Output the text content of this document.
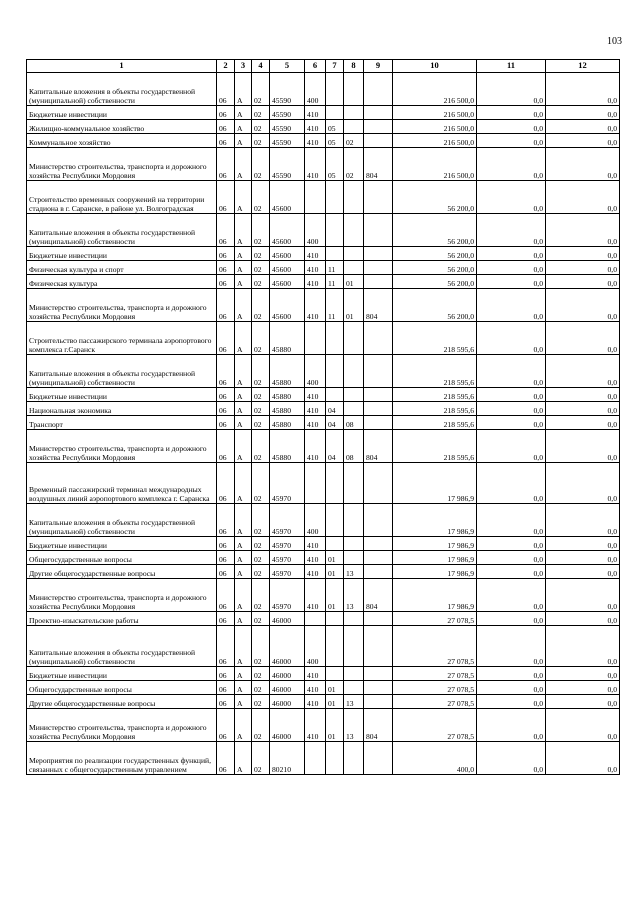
103
1	2	3	4	5	6	7	8	9	10	11	12
Капитальные вложения в объекты государственной (муниципальной) собственности	06	А	02	45590	400				216 500,0	0,0	0,0
Бюджетные инвестиции	06	А	02	45590	410				216 500,0	0,0	0,0
Жилищно-коммунальное хозяйство	06	А	02	45590	410	05			216 500,0	0,0	0,0
Коммунальное хозяйство	06	А	02	45590	410	05	02		216 500,0	0,0	0,0
Министерство строительства, транспорта и дорожного хозяйства Республики Мордовия	06	А	02	45590	410	05	02	804	216 500,0	0,0	0,0
Строительство временных сооружений на территории стадиона в г. Саранске, в районе ул. Волгоградская	06	А	02	45600					56 200,0	0,0	0,0
Капитальные вложения в объекты государственной (муниципальной) собственности	06	А	02	45600	400				56 200,0	0,0	0,0
Бюджетные инвестиции	06	А	02	45600	410				56 200,0	0,0	0,0
Физическая культура и спорт	06	А	02	45600	410	11			56 200,0	0,0	0,0
Физическая культура	06	А	02	45600	410	11	01		56 200,0	0,0	0,0
Министерство строительства, транспорта и дорожного хозяйства Республики Мордовия	06	А	02	45600	410	11	01	804	56 200,0	0,0	0,0
Строительство пассажирского терминала аэропортового комплекса г.Саранск	06	А	02	45880					218 595,6	0,0	0,0
Капитальные вложения в объекты государственной (муниципальной) собственности	06	А	02	45880	400				218 595,6	0,0	0,0
Бюджетные инвестиции	06	А	02	45880	410				218 595,6	0,0	0,0
Национальная экономика	06	А	02	45880	410	04			218 595,6	0,0	0,0
Транспорт	06	А	02	45880	410	04	08		218 595,6	0,0	0,0
Министерство строительства, транспорта и дорожного хозяйства Республики Мордовия	06	А	02	45880	410	04	08	804	218 595,6	0,0	0,0
Временный пассажирский терминал международных воздушных линий аэропортового комплекса г. Саранска	06	А	02	45970					17 986,9	0,0	0,0
Капитальные вложения в объекты государственной (муниципальной) собственности	06	А	02	45970	400				17 986,9	0,0	0,0
Бюджетные инвестиции	06	А	02	45970	410				17 986,9	0,0	0,0
Общегосударственные вопросы	06	А	02	45970	410	01			17 986,9	0,0	0,0
Другие общегосударственные вопросы	06	А	02	45970	410	01	13		17 986,9	0,0	0,0
Министерство строительства, транспорта и дорожного хозяйства Республики Мордовия	06	А	02	45970	410	01	13	804	17 986,9	0,0	0,0
Проектно-изыскательские работы	06	А	02	46000					27 078,5	0,0	0,0
Капитальные вложения в объекты государственной (муниципальной) собственности	06	А	02	46000	400				27 078,5	0,0	0,0
Бюджетные инвестиции	06	А	02	46000	410				27 078,5	0,0	0,0
Общегосударственные вопросы	06	А	02	46000	410	01			27 078,5	0,0	0,0
Другие общегосударственные вопросы	06	А	02	46000	410	01	13		27 078,5	0,0	0,0
Министерство строительства, транспорта и дорожного хозяйства Республики Мордовия	06	А	02	46000	410	01	13	804	27 078,5	0,0	0,0
Мероприятия по реализации государственных функций, связанных с общегосударственным управлением	06	А	02	80210					400,0	0,0	0,0
